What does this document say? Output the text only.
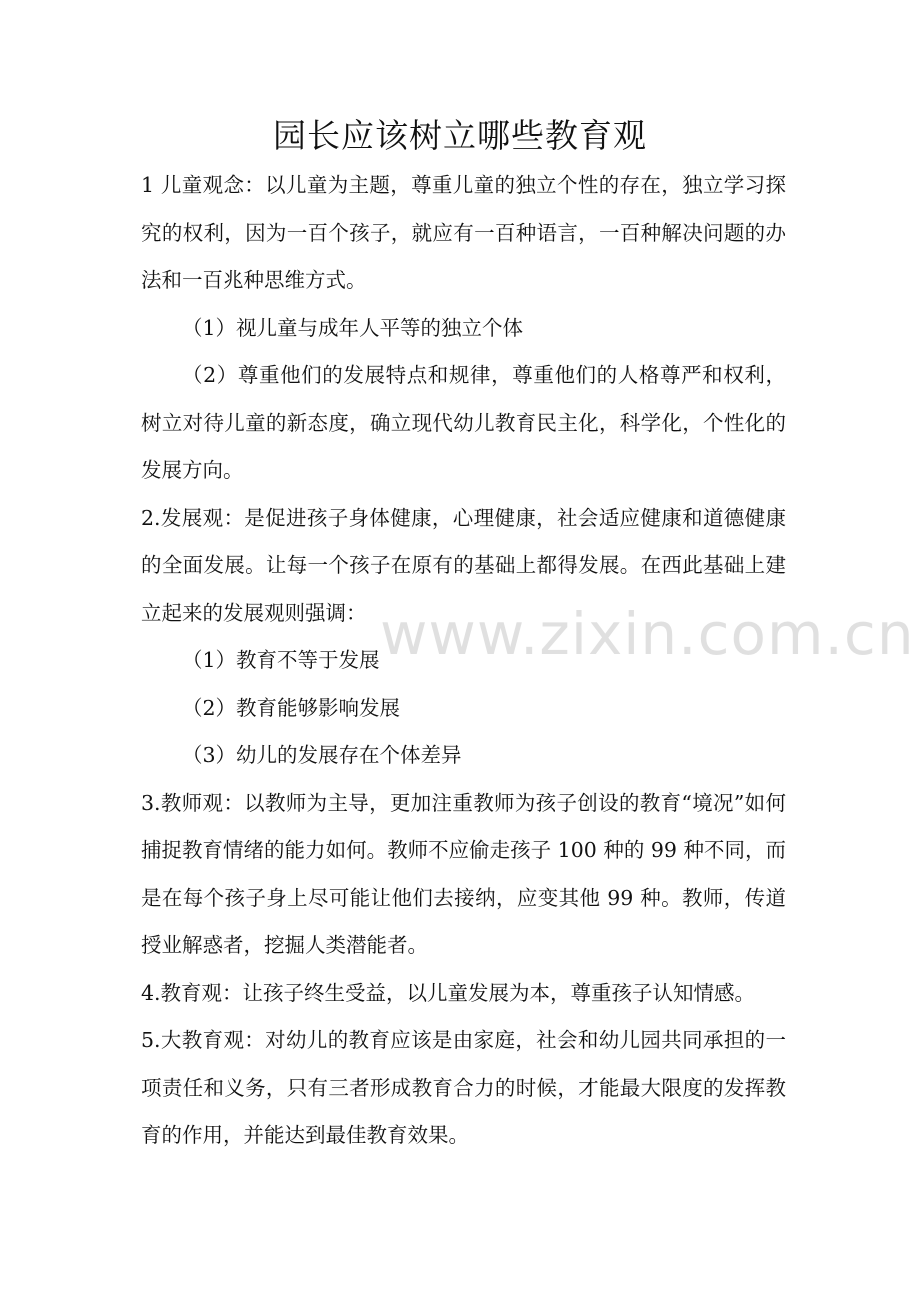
园长应该树立哪些教育观

1 儿童观念：以儿童为主题，尊重儿童的独立个性的存在，独立学习探究的权利，因为一百个孩子，就应有一百种语言，一百种解决问题的办法和一百兆种思维方式。

（1）视儿童与成年人平等的独立个体

（2）尊重他们的发展特点和规律，尊重他们的人格尊严和权利，树立对待儿童的新态度，确立现代幼儿教育民主化，科学化，个性化的发展方向。

2.发展观：是促进孩子身体健康，心理健康，社会适应健康和道德健康的全面发展。让每一个孩子在原有的基础上都得发展。在西此基础上建立起来的发展观则强调：

（1）教育不等于发展

（2）教育能够影响发展

（3）幼儿的发展存在个体差异

3.教师观：以教师为主导，更加注重教师为孩子创设的教育“境况”如何捕捉教育情绪的能力如何。教师不应偷走孩子 100 种的 99 种不同，而是在每个孩子身上尽可能让他们去接纳，应变其他 99 种。教师，传道授业解惑者，挖掘人类潜能者。

4.教育观：让孩子终生受益，以儿童发展为本，尊重孩子认知情感。

5.大教育观：对幼儿的教育应该是由家庭，社会和幼儿园共同承担的一项责任和义务，只有三者形成教育合力的时候，才能最大限度的发挥教育的作用，并能达到最佳教育效果。

www.zixin.com.cn
